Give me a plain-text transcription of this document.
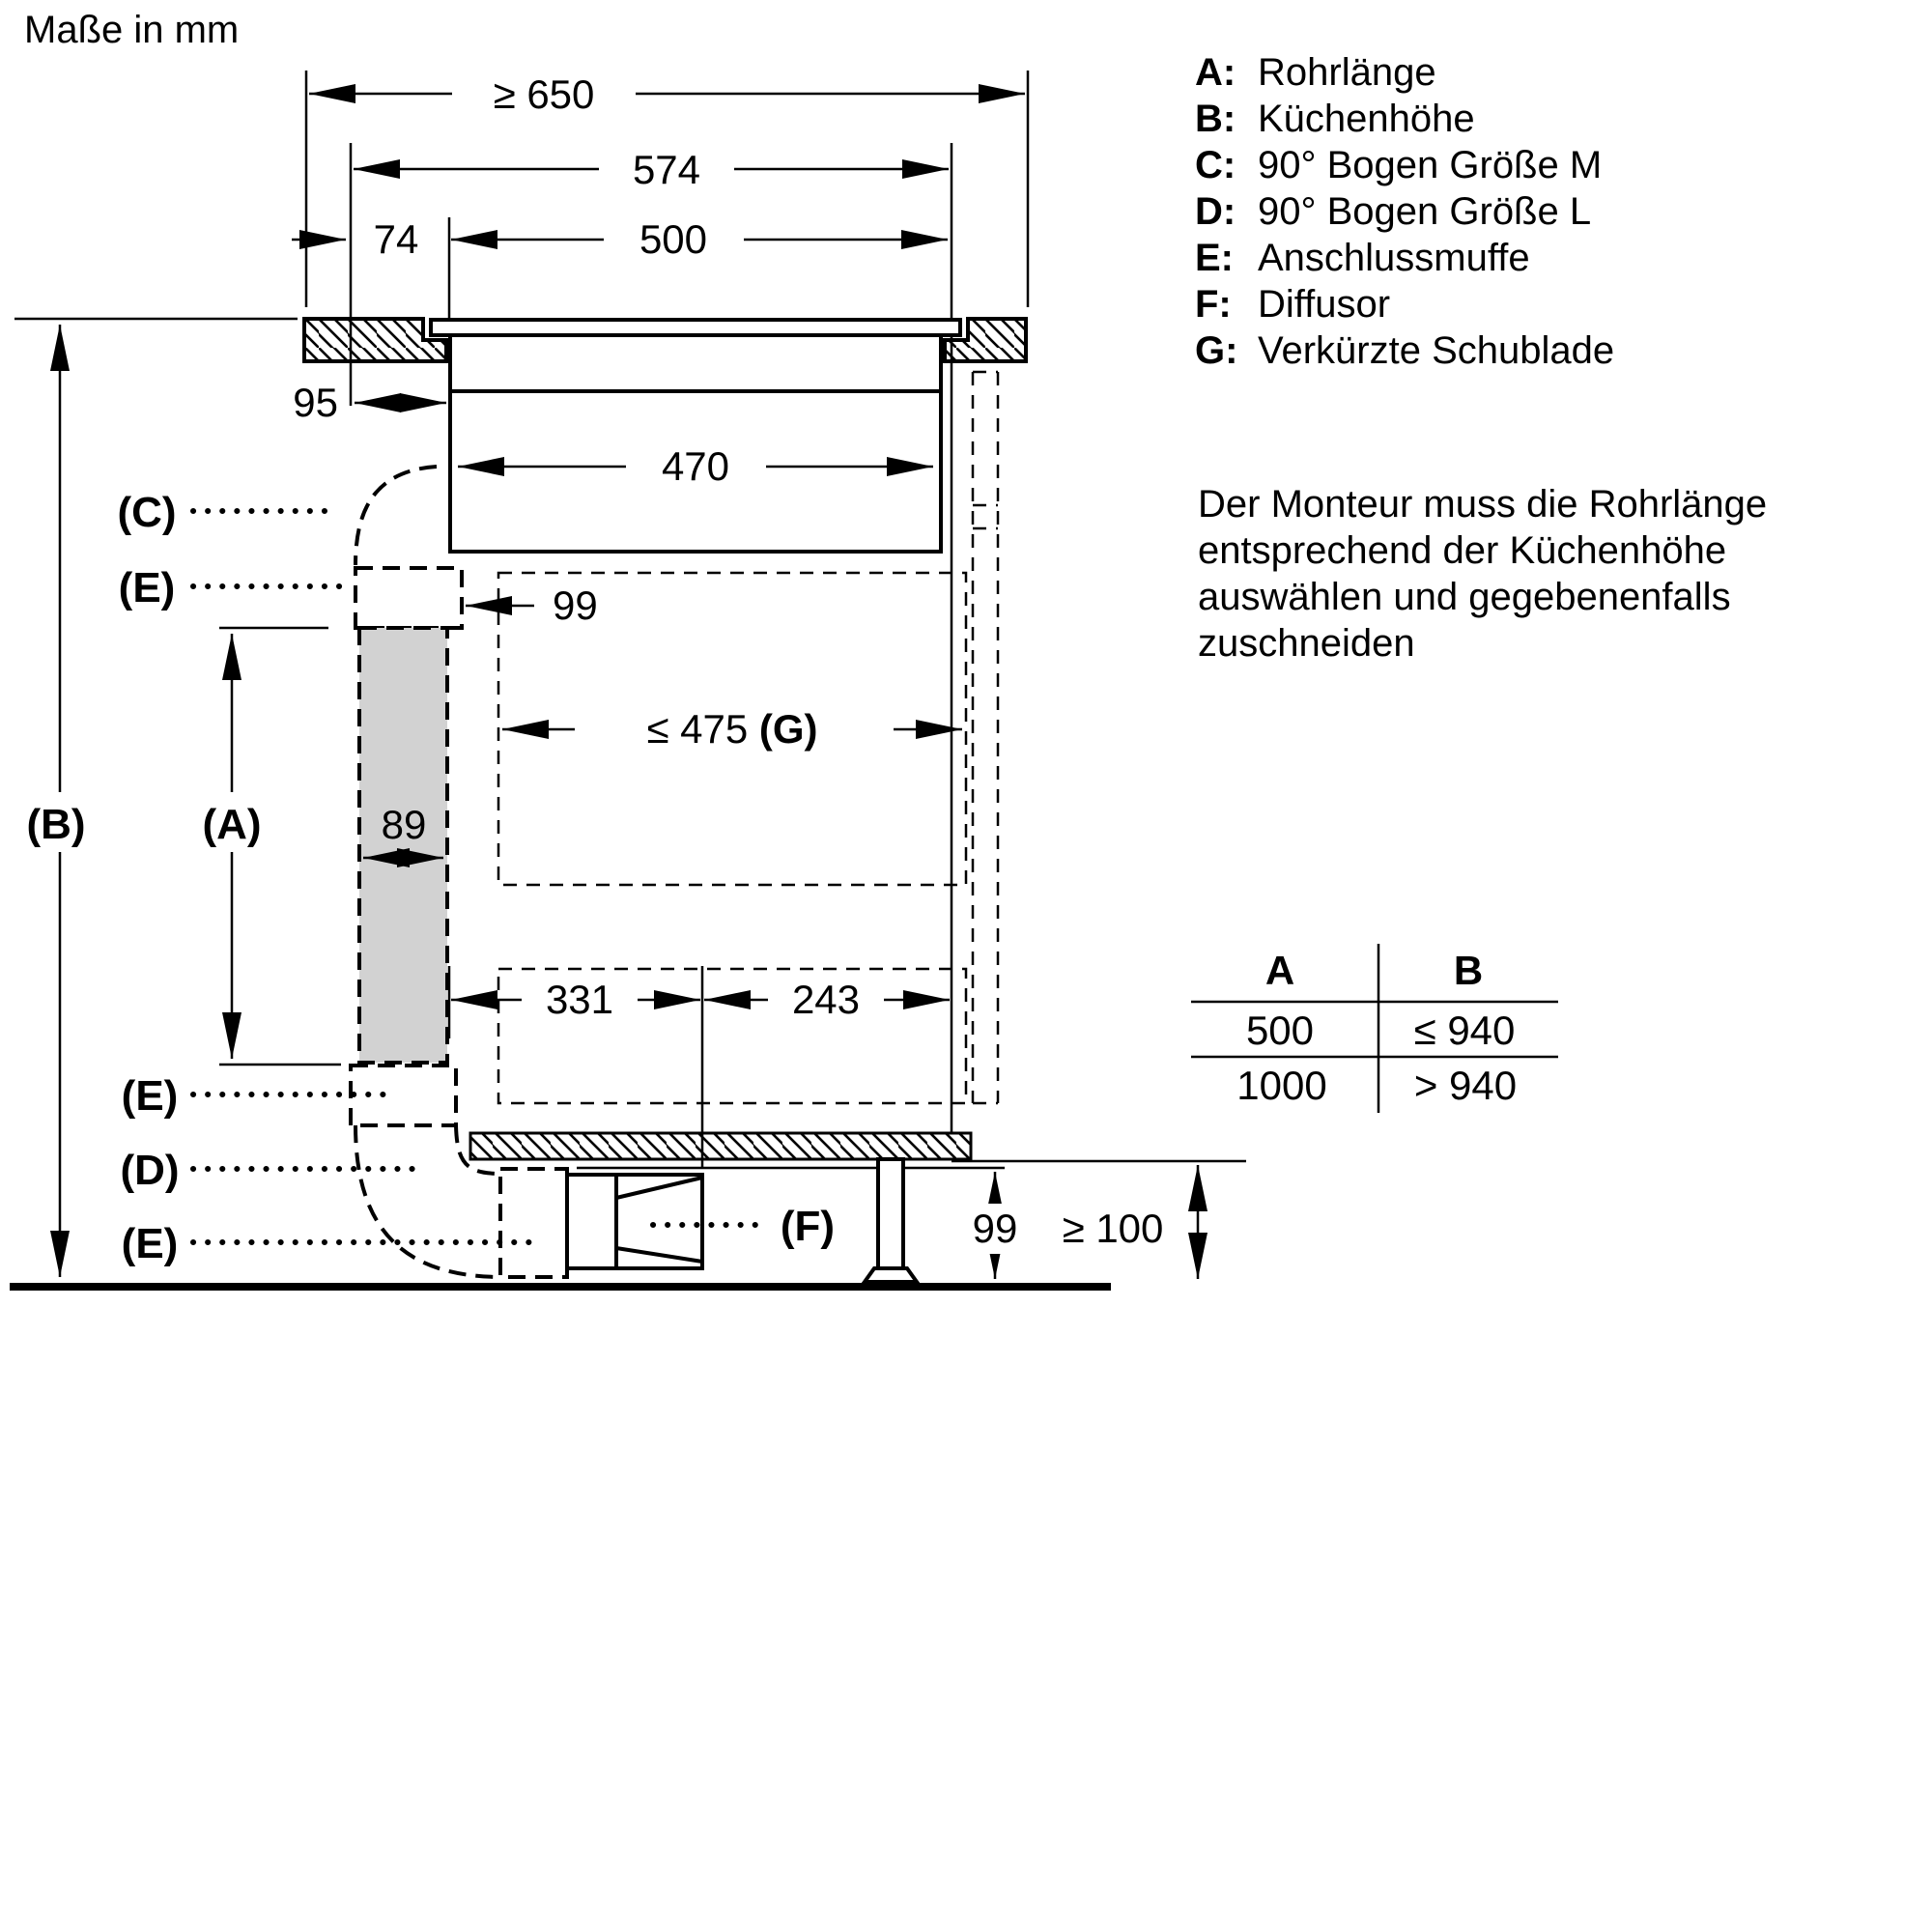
Maße in mm
≥ 650
574
74	500
95
470
99
≤ 475 (G)
89
331	243
(B)	(A)
99 ≥ 100
(C)
(E)
(E)
(D)
(E)	(F)
A: Rohrlänge
B: Küchenhöhe
C: 90° Bogen Größe M
D: 90° Bogen Größe L
E: Anschlussmuffe
F: Diffusor
G: Verkürzte Schublade
Der Monteur muss die Rohrlänge
entsprechend der Küchenhöhe
auswählen und gegebenenfalls
zuschneiden
A	B
500 ≤ 940
1000 > 940
